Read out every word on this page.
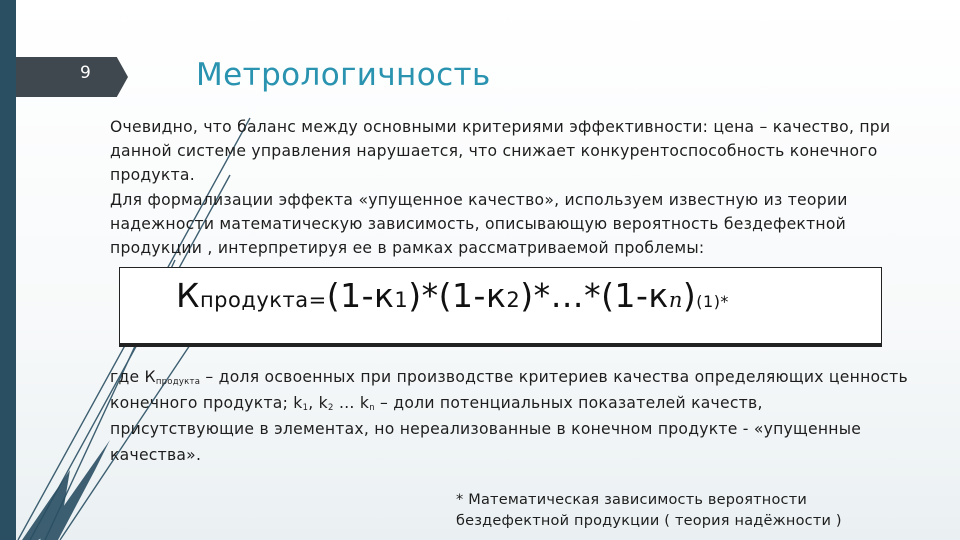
9	Метрологичность

Очевидно, что баланс между основными критериями эффективности: цена – качество, при данной системе управления нарушается, что снижает конкурентоспособность конечного продукта.

Для формализации эффекта «упущенное качество», используем известную из теории надежности математическую зависимость, описывающую вероятность бездефектной продукции , интерпретируя ее в рамках рассматриваемой проблемы:

Кпродукта=(1-к1)*(1-к2)*…*(1-кn)(1)*
где $К_{продукта}$ – доля освоенных при производстве критериев качества определяющих ценность конечного продукта; $k_1$, $k_2$ … $k_n$ – доли потенциальных показателей качеств, присутствующие в элементах, но нереализованные в конечном продукте - «упущенные качества».
* Математическая зависимость вероятности бездефектной продукции ( теория надёжности )
